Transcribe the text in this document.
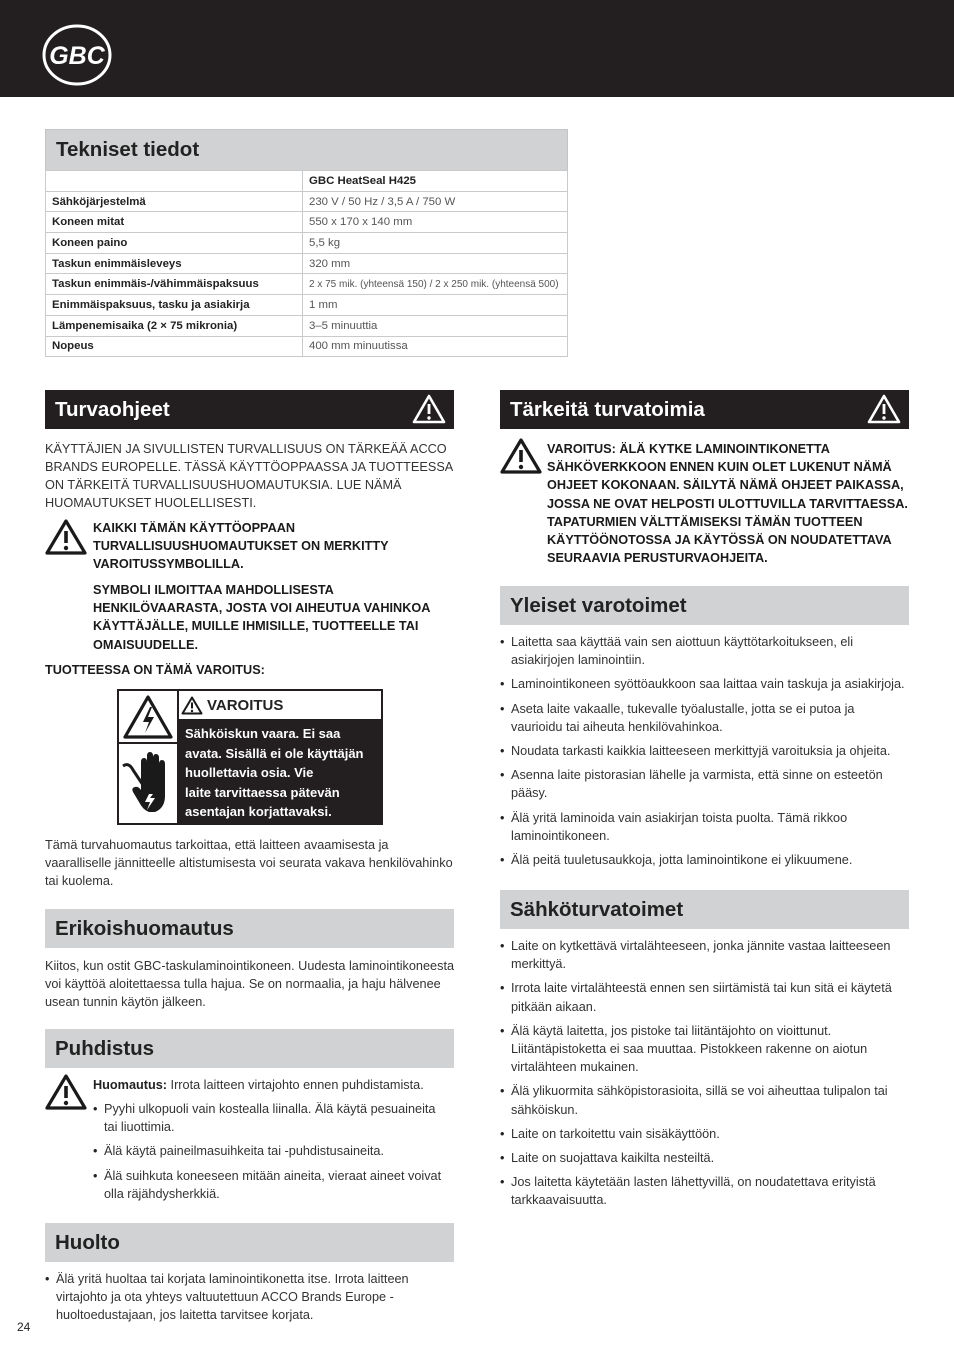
GBC
Tekniset tiedot
	GBC HeatSeal H425
Sähköjärjestelmä	230 V / 50 Hz / 3,5 A / 750 W
Koneen mitat	550 x 170 x 140 mm
Koneen paino	5,5 kg
Taskun enimmäisleveys	320 mm
Taskun enimmäis-/vähimmäispaksuus	2 x 75 mik. (yhteensä 150) / 2 x 250 mik. (yhteensä 500)
Enimmäispaksuus, tasku ja asiakirja	1 mm
Lämpenemisaika (2 × 75 mikronia)	3–5 minuuttia
Nopeus	400 mm minuutissa
Turvaohjeet
KÄYTTÄJIEN JA SIVULLISTEN TURVALLISUUS ON TÄRKEÄÄ ACCO BRANDS EUROPELLE. TÄSSÄ KÄYTTÖOPPAASSA JA TUOTTEESSA ON TÄRKEITÄ TURVALLISUUSHUOMAUTUKSIA. LUE NÄMÄ HUOMAUTUKSET HUOLELLISESTI.
KAIKKI TÄMÄN KÄYTTÖOPPAAN TURVALLISUUSHUOMAUTUKSET ON MERKITTY VAROITUSSYMBOLILLA.
SYMBOLI ILMOITTAA MAHDOLLISESTA HENKILÖVAARASTA, JOSTA VOI AIHEUTUA VAHINKOA KÄYTTÄJÄLLE, MUILLE IHMISILLE, TUOTTEELLE TAI OMAISUUDELLE.
TUOTTEESSA ON TÄMÄ VAROITUS:
VAROITUS
Sähköiskun vaara. Ei saa
avata. Sisällä ei ole käyttäjän
huollettavia osia. Vie
laite tarvittaessa pätevän
asentajan korjattavaksi.
Tämä turvahuomautus tarkoittaa, että laitteen avaamisesta ja vaaralliselle jännitteelle altistumisesta voi seurata vakava henkilövahinko tai kuolema.
Erikoishuomautus
Kiitos, kun ostit GBC-taskulaminointikoneen. Uudesta laminointikoneesta voi käyttöä aloitettaessa tulla hajua. Se on normaalia, ja haju hälvenee usean tunnin käytön jälkeen.
Puhdistus
Huomautus: Irrota laitteen virtajohto ennen puhdistamista.
• Pyyhi ulkopuoli vain kostealla liinalla. Älä käytä pesuaineita tai liuottimia.
• Älä käytä paineilmasuihkeita tai -puhdistusaineita.
• Älä suihkuta koneeseen mitään aineita, vieraat aineet voivat olla räjähdysherkkiä.
Huolto
• Älä yritä huoltaa tai korjata laminointikonetta itse. Irrota laitteen virtajohto ja ota yhteys valtuutettuun ACCO Brands Europe -huoltoedustajaan, jos laitetta tarvitsee korjata.
24
Tärkeitä turvatoimia
VAROITUS: ÄLÄ KYTKE LAMINOINTIKONETTA SÄHKÖVERKKOON ENNEN KUIN OLET LUKENUT NÄMÄ OHJEET KOKONAAN. SÄILYTÄ NÄMÄ OHJEET PAIKASSA, JOSSA NE OVAT HELPOSTI ULOTTUVILLA TARVITTAESSA. TAPATURMIEN VÄLTTÄMISEKSI TÄMÄN TUOTTEEN KÄYTTÖÖNOTOSSA JA KÄYTÖSSÄ ON NOUDATETTAVA SEURAAVIA PERUSTURVAOHJEITA.
Yleiset varotoimet
• Laitetta saa käyttää vain sen aiottuun käyttötarkoitukseen, eli asiakirjojen laminointiin.
• Laminointikoneen syöttöaukkoon saa laittaa vain taskuja ja asiakirjoja.
• Aseta laite vakaalle, tukevalle työalustalle, jotta se ei putoa ja vaurioidu tai aiheuta henkilövahinkoa.
• Noudata tarkasti kaikkia laitteeseen merkittyjä varoituksia ja ohjeita.
• Asenna laite pistorasian lähelle ja varmista, että sinne on esteetön pääsy.
• Älä yritä laminoida vain asiakirjan toista puolta. Tämä rikkoo laminointikoneen.
• Älä peitä tuuletusaukkoja, jotta laminointikone ei ylikuumene.
Sähköturvatoimet
• Laite on kytkettävä virtalähteeseen, jonka jännite vastaa laitteeseen merkittyä.
• Irrota laite virtalähteestä ennen sen siirtämistä tai kun sitä ei käytetä pitkään aikaan.
• Älä käytä laitetta, jos pistoke tai liitäntäjohto on vioittunut. Liitäntäpistoketta ei saa muuttaa. Pistokkeen rakenne on aiotun virtalähteen mukainen.
• Älä ylikuormita sähköpistorasioita, sillä se voi aiheuttaa tulipalon tai sähköiskun.
• Laite on tarkoitettu vain sisäkäyttöön.
• Laite on suojattava kaikilta nesteiltä.
• Jos laitetta käytetään lasten lähettyvillä, on noudatettava erityistä tarkkaavaisuutta.
